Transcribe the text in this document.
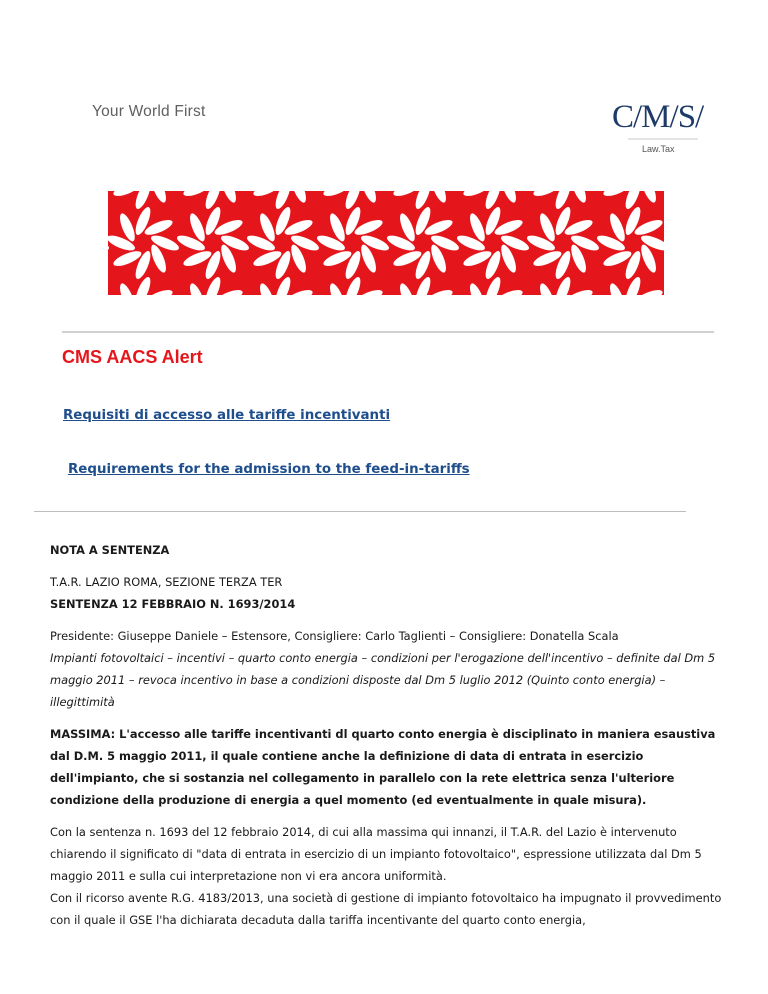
Your World First	C/M/S/
Law.Tax
CMS AACS Alert
Requisiti di accesso alle tariffe incentivanti
Requirements for the admission to the feed-in-tariffs

NOTA A SENTENZA

T.A.R. LAZIO ROMA, SEZIONE TERZA TER

SENTENZA 12 FEBBRAIO N. 1693/2014

Presidente: Giuseppe Daniele – Estensore, Consigliere: Carlo Taglienti – Consigliere: Donatella Scala

Impianti fotovoltaici – incentivi – quarto conto energia – condizioni per l'erogazione dell'incentivo – definite dal Dm 5 maggio 2011 – revoca incentivo in base a condizioni disposte dal Dm 5 luglio 2012 (Quinto conto energia) – illegittimità

MASSIMA: L'accesso alle tariffe incentivanti dl quarto conto energia è disciplinato in maniera esaustiva dal D.M. 5 maggio 2011, il quale contiene anche la definizione di data di entrata in esercizio dell'impianto, che si sostanzia nel collegamento in parallelo con la rete elettrica senza l'ulteriore condizione della produzione di energia a quel momento (ed eventualmente in quale misura).

Con la sentenza n. 1693 del 12 febbraio 2014, di cui alla massima qui innanzi, il T.A.R. del Lazio è intervenuto chiarendo il significato di "data di entrata in esercizio di un impianto fotovoltaico", espressione utilizzata dal Dm 5 maggio 2011 e sulla cui interpretazione non vi era ancora uniformità.

Con il ricorso avente R.G. 4183/2013, una società di gestione di impianto fotovoltaico ha impugnato il provvedimento con il quale il GSE l'ha dichiarata decaduta dalla tariffa incentivante del quarto conto energia,
